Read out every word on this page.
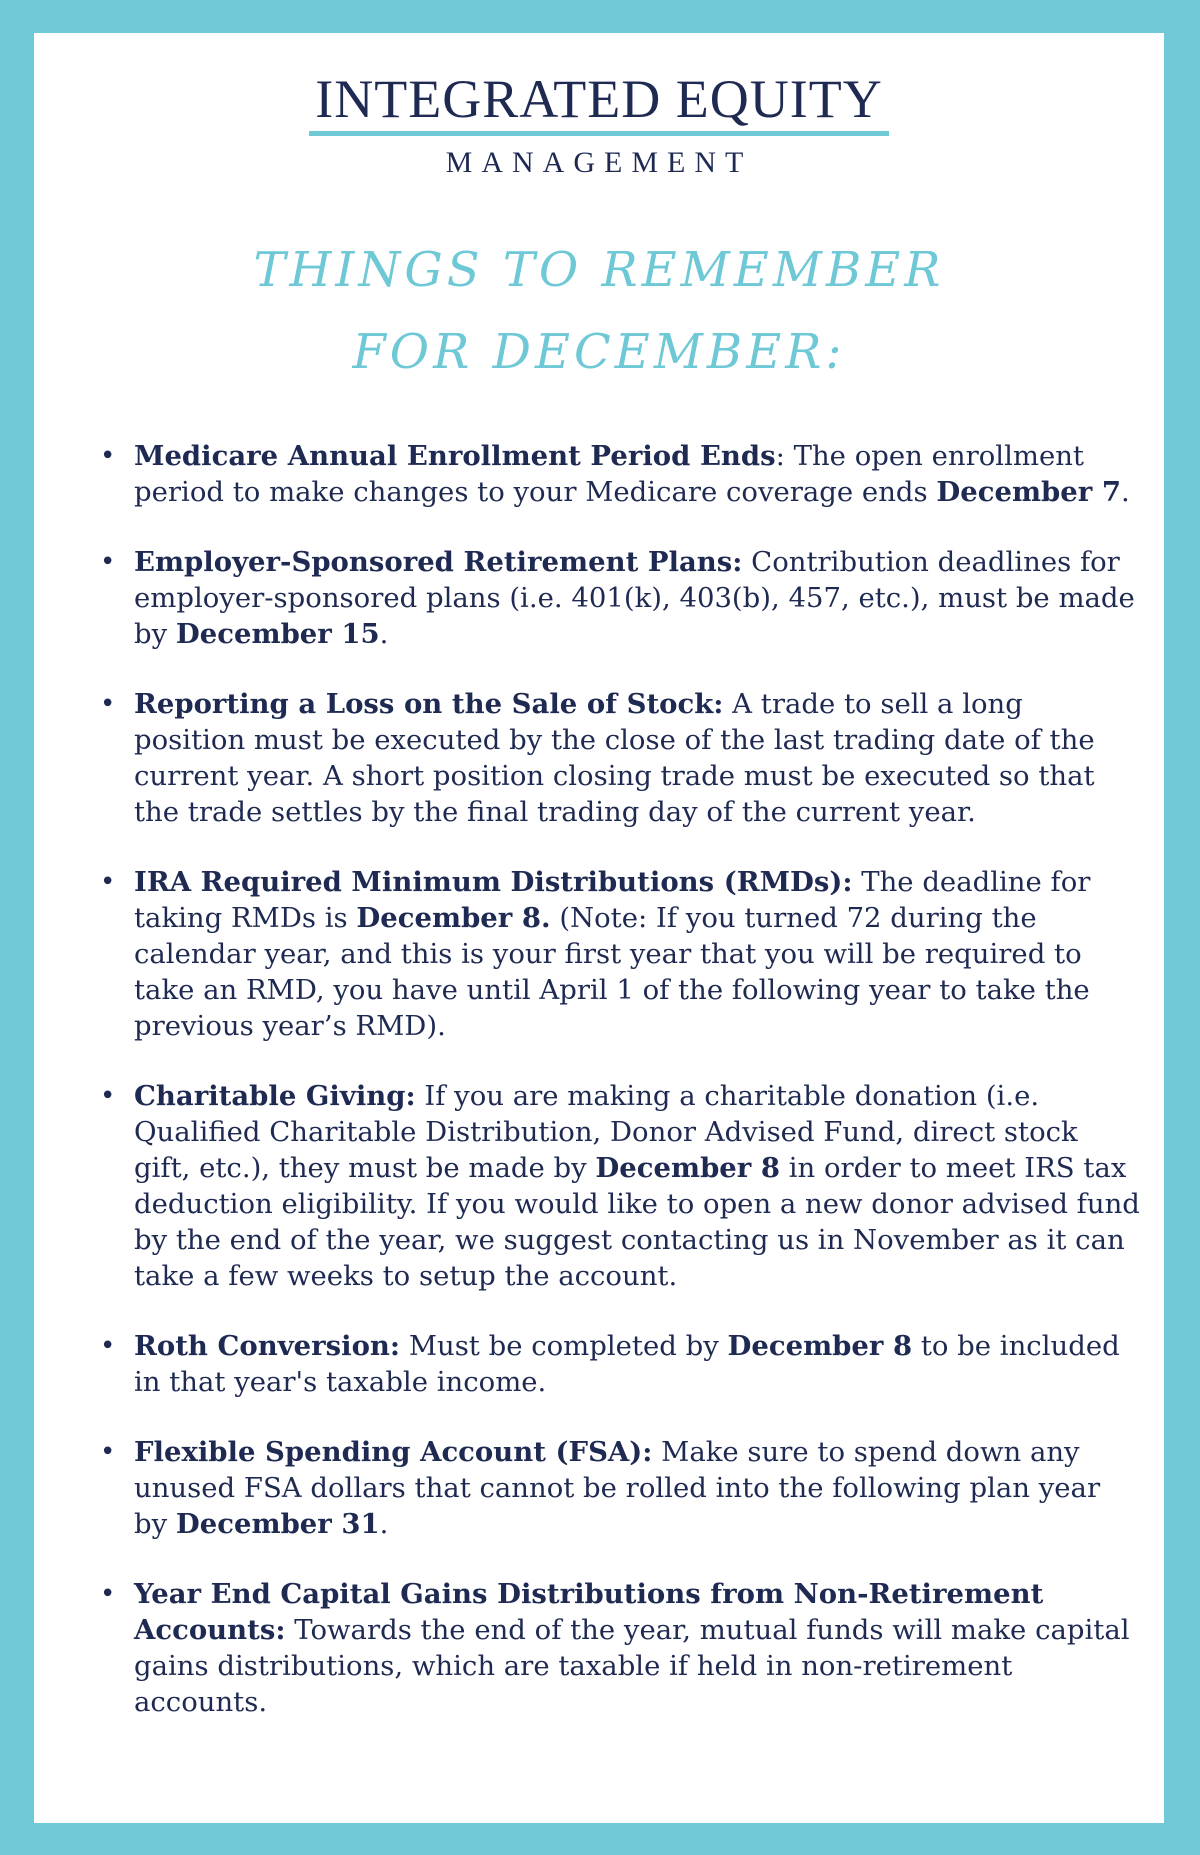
INTEGRATED EQUITY
MANAGEMENT
THINGS TO REMEMBER
FOR DECEMBER:
• Medicare Annual Enrollment Period Ends: The open enrollment period to make changes to your Medicare coverage ends December 7.
• Employer-Sponsored Retirement Plans: Contribution deadlines for employer-sponsored plans (i.e. 401(k), 403(b), 457, etc.), must be made by December 15.
• Reporting a Loss on the Sale of Stock: A trade to sell a long position must be executed by the close of the last trading date of the current year. A short position closing trade must be executed so that the trade settles by the final trading day of the current year.
• IRA Required Minimum Distributions (RMDs): The deadline for taking RMDs is December 8. (Note: If you turned 72 during the calendar year, and this is your first year that you will be required to take an RMD, you have until April 1 of the following year to take the previous year’s RMD).
• Charitable Giving: If you are making a charitable donation (i.e. Qualified Charitable Distribution, Donor Advised Fund, direct stock gift, etc.), they must be made by December 8 in order to meet IRS tax deduction eligibility. If you would like to open a new donor advised fund by the end of the year, we suggest contacting us in November as it can take a few weeks to setup the account.
• Roth Conversion: Must be completed by December 8 to be included in that year's taxable income.
• Flexible Spending Account (FSA): Make sure to spend down any unused FSA dollars that cannot be rolled into the following plan year by December 31.
• Year End Capital Gains Distributions from Non-Retirement Accounts: Towards the end of the year, mutual funds will make capital gains distributions, which are taxable if held in non-retirement accounts.
